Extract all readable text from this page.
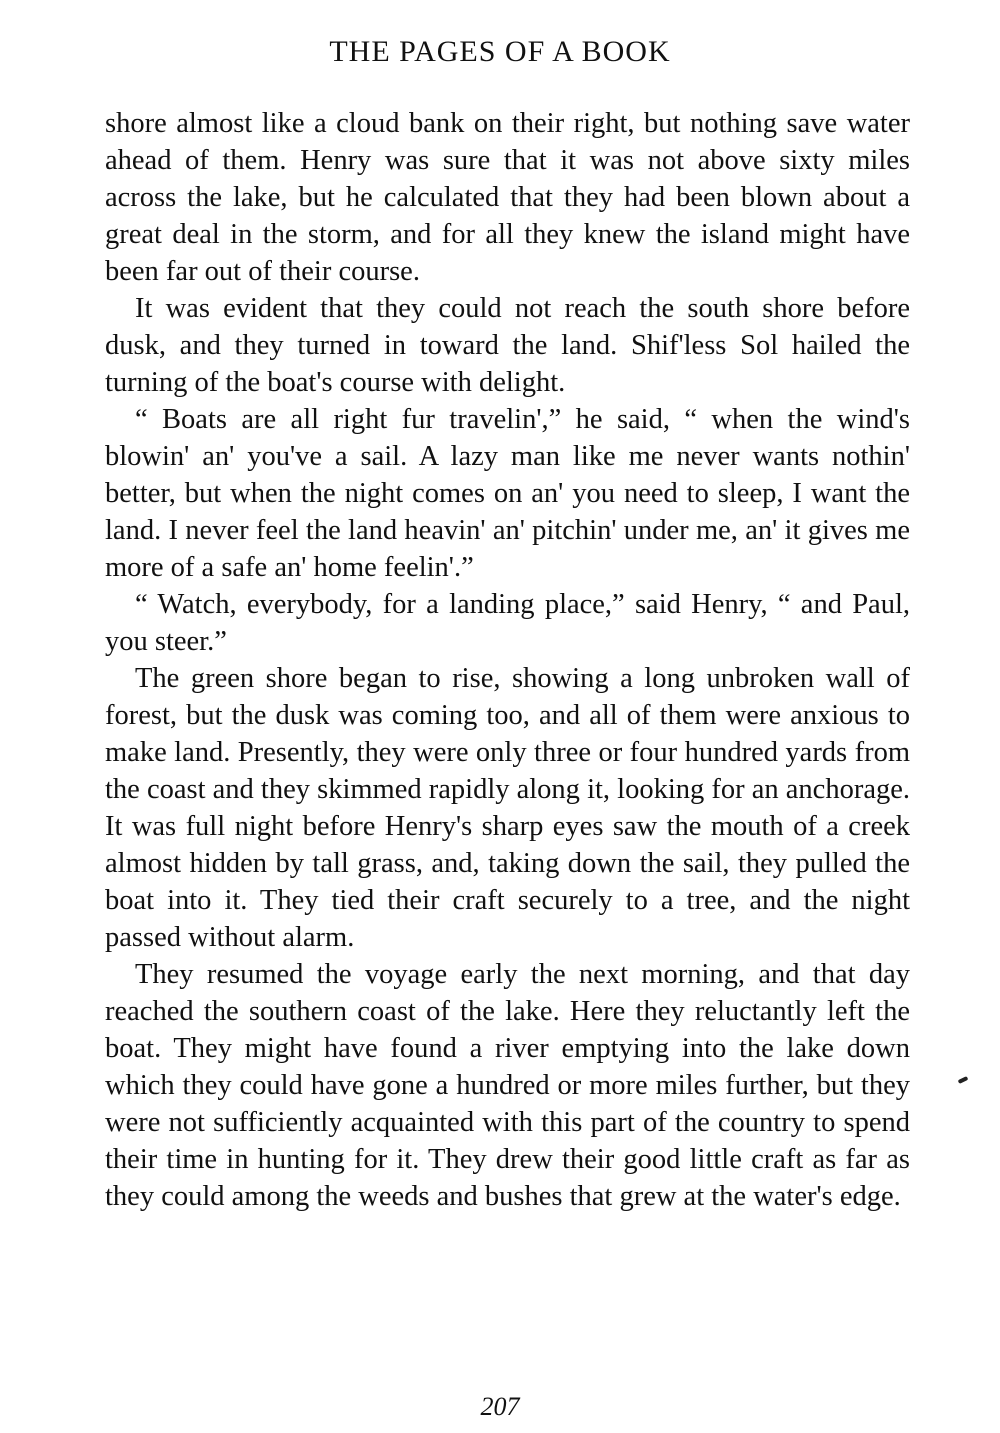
THE PAGES OF A BOOK

shore almost like a cloud bank on their right, but nothing save water ahead of them. Henry was sure that it was not above sixty miles across the lake, but he calculated that they had been blown about a great deal in the storm, and for all they knew the island might have been far out of their course.

It was evident that they could not reach the south shore before dusk, and they turned in toward the land. Shif'less Sol hailed the turning of the boat's course with delight.

“ Boats are all right fur travelin',” he said, “ when the wind's blowin' an' you've a sail. A lazy man like me never wants nothin' better, but when the night comes on an' you need to sleep, I want the land. I never feel the land heavin' an' pitchin' under me, an' it gives me more of a safe an' home feelin'.”

“ Watch, everybody, for a landing place,” said Henry, “ and Paul, you steer.”

The green shore began to rise, showing a long unbroken wall of forest, but the dusk was coming too, and all of them were anxious to make land. Presently, they were only three or four hundred yards from the coast and they skimmed rapidly along it, looking for an anchorage. It was full night before Henry's sharp eyes saw the mouth of a creek almost hidden by tall grass, and, taking down the sail, they pulled the boat into it. They tied their craft securely to a tree, and the night passed without alarm.

They resumed the voyage early the next morning, and that day reached the southern coast of the lake. Here they reluctantly left the boat. They might have found a river emptying into the lake down which they could have gone a hundred or more miles further, but they were not sufficiently acquainted with this part of the country to spend their time in hunting for it. They drew their good little craft as far as they could among the weeds and bushes that grew at the water's edge.

207
